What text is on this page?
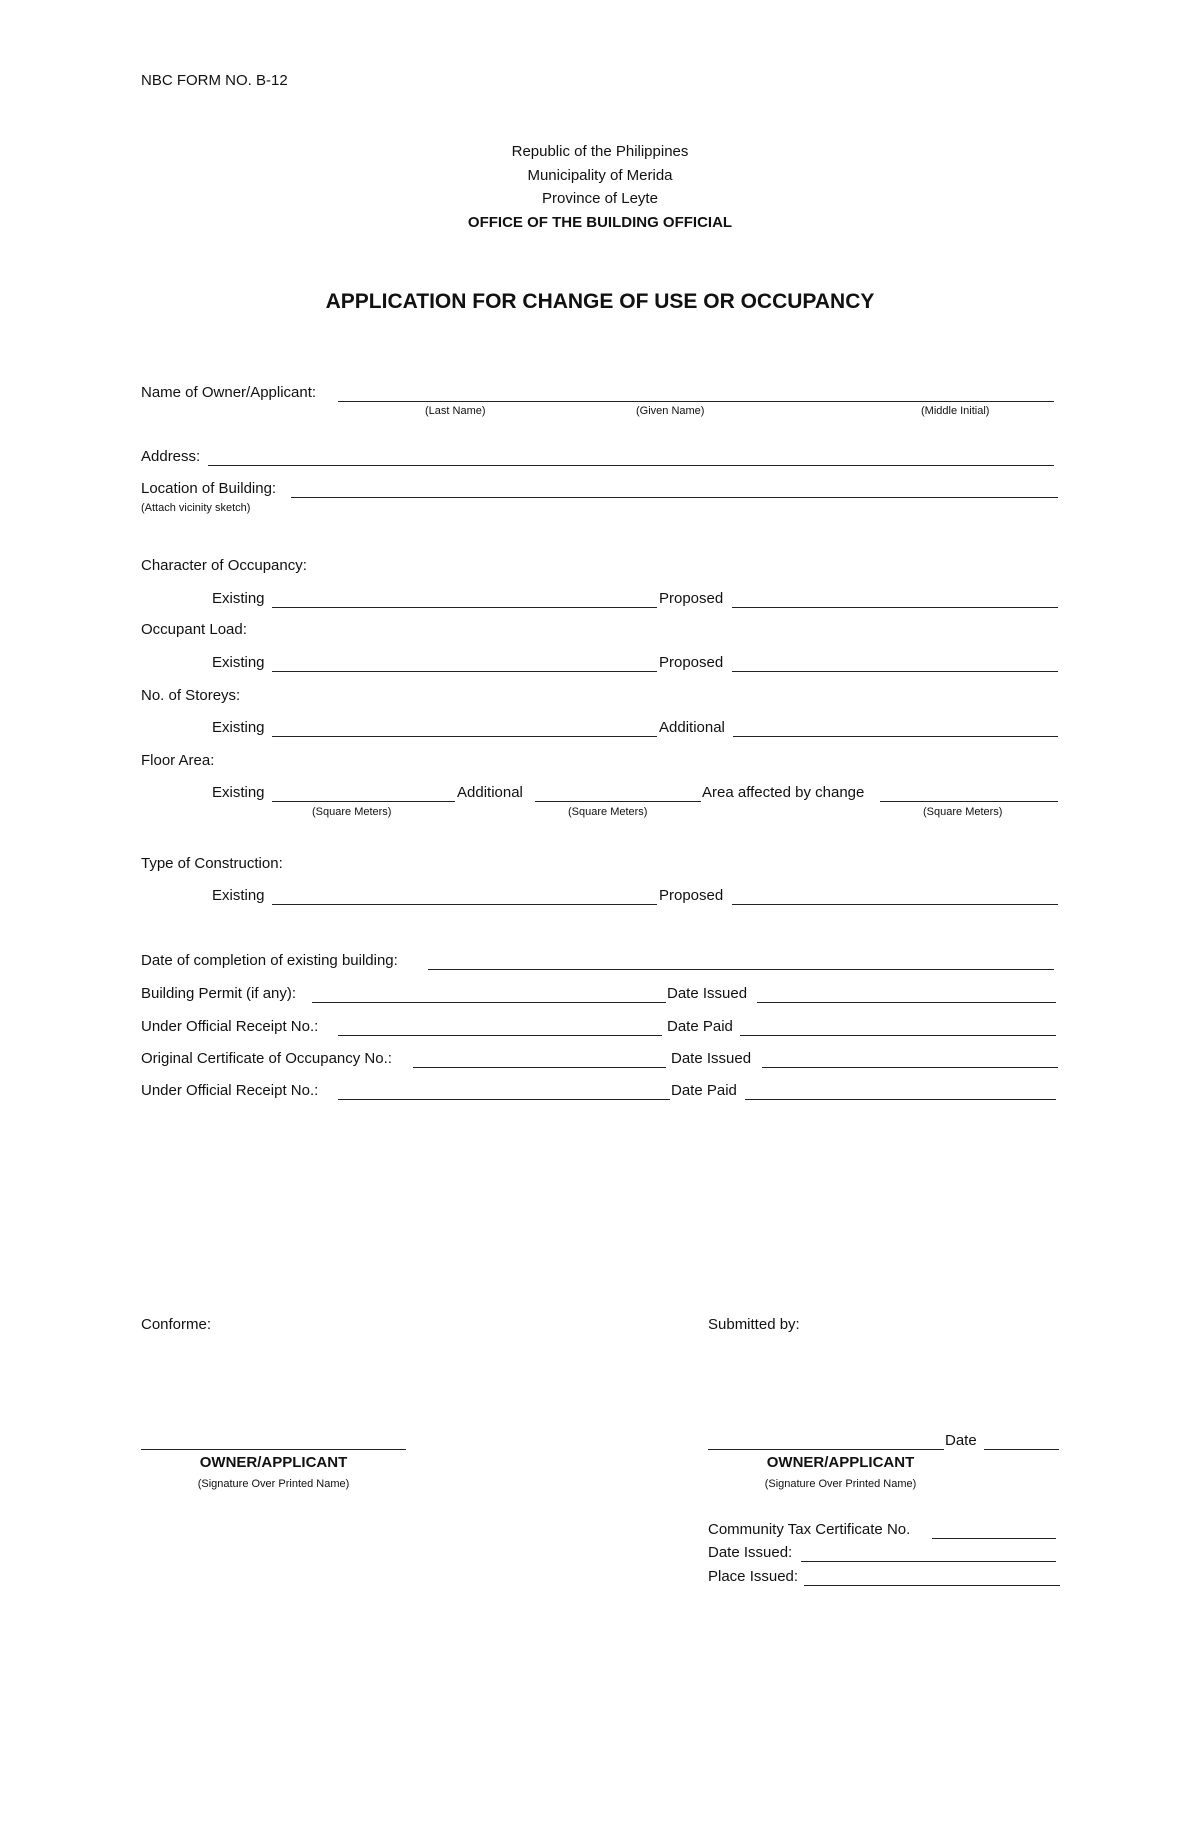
NBC FORM NO. B-12
Republic of the Philippines
Municipality of Merida
Province of Leyte
OFFICE OF THE BUILDING OFFICIAL
APPLICATION FOR CHANGE OF USE OR OCCUPANCY
Name of Owner/Applicant:
(Last Name)	(Given Name)	(Middle Initial)
Address:
Location of Building:
(Attach vicinity sketch)
Character of Occupancy:
Existing	Proposed
Occupant Load:
Existing	Proposed
No. of Storeys:
Existing	Additional
Floor Area:
Existing	Additional	Area affected by change
(Square Meters)	(Square Meters)	(Square Meters)
Type of Construction:
Existing	Proposed
Date of completion of existing building:
Building Permit (if any):	Date Issued
Under Official Receipt No.:	Date Paid
Original Certificate of Occupancy No.:	Date Issued
Under Official Receipt No.:	Date Paid
Conforme:	Submitted by:
OWNER/APPLICANT
(Signature Over Printed Name)
Date
OWNER/APPLICANT
(Signature Over Printed Name)
Community Tax Certificate No.
Date Issued:
Place Issued:
